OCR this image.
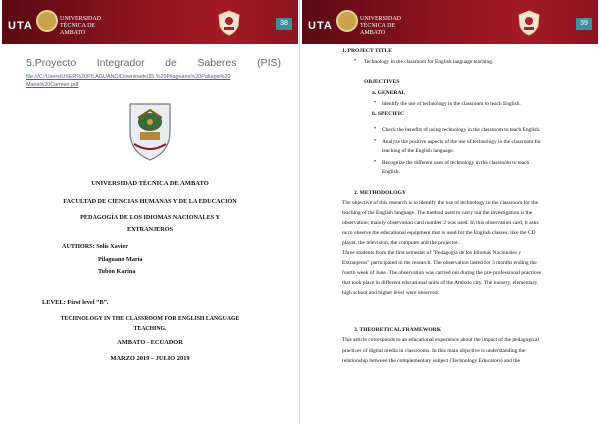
UTA
UNIVERSIDAD
TÉCNICA DE AMBATO
38
5.Proyecto Integrador de Saberes (PIS)
file:///C:/Users/USER%20PILAGUANO/Downloads/25.%20Pilaguano%20Paltapa%20
Maria%20Carmen.pdf
UNIVERSIDAD TÉCNICA DE AMBATO
FACULTAD DE CIENCIAS HUMANAS Y DE LA EDUCACIÓN
PEDAGOGÍA DE LOS IDIOMAS NACIONALES Y
EXTRANJEROS
AUTHORS: Solís Xavier
Pilaguano María
Tubón Karina
LEVEL: First level “B”.
TECHNOLOGY IN THE CLASSROOM FOR ENGLISH LANGUAGE
TEACHING.
AMBATO - ECUADOR
MARZO 2019 – JULIO 2019
UTA
UNIVERSIDAD
TÉCNICA DE AMBATO
39
1. PROJECT TITLE
• Technology in the classroom for English language teaching.
OBJECTIVES
a. GENERAL
• Identify the use of technology in the classroom to teach English.
b. SPECIFIC
• Check the benefits of using technology in the classroom to teach English.
• Analyze the positive aspects of the use of technology in the classroom for
teaching of the English language.
• Recognize the different uses of technology in the classroom to teach
English.
2. METHODOLOGY
The objective of this research is to identify the use of technology in the classroom for the
teaching of the English language. The method used to carry out the investigation is the
observation; mainly observation card number 2 was used. In this observation card, it asks
us to observe the educational equipment that is used for the English classes; like the CD
player, the television, the computer and the projector.
Three students from the first semester of "Pedagogía de los Idiomas Nacionales y
Extranjeros" participated in the research. The observation lasted for 3 months ending the
fourth week of June. The observation was carried out during the pre-professional practices
that took place in different educational units of the Ambato city. The nursery, elementary,
high school and higher level were observed.
3. THEORETICAL FRAMEWORK
This article corresponds to an educational experience about the impact of the pedagogical
practices of digital media in classrooms. In this main objective is understanding the
relationship between the complementary subject (Technology Educators) and the
